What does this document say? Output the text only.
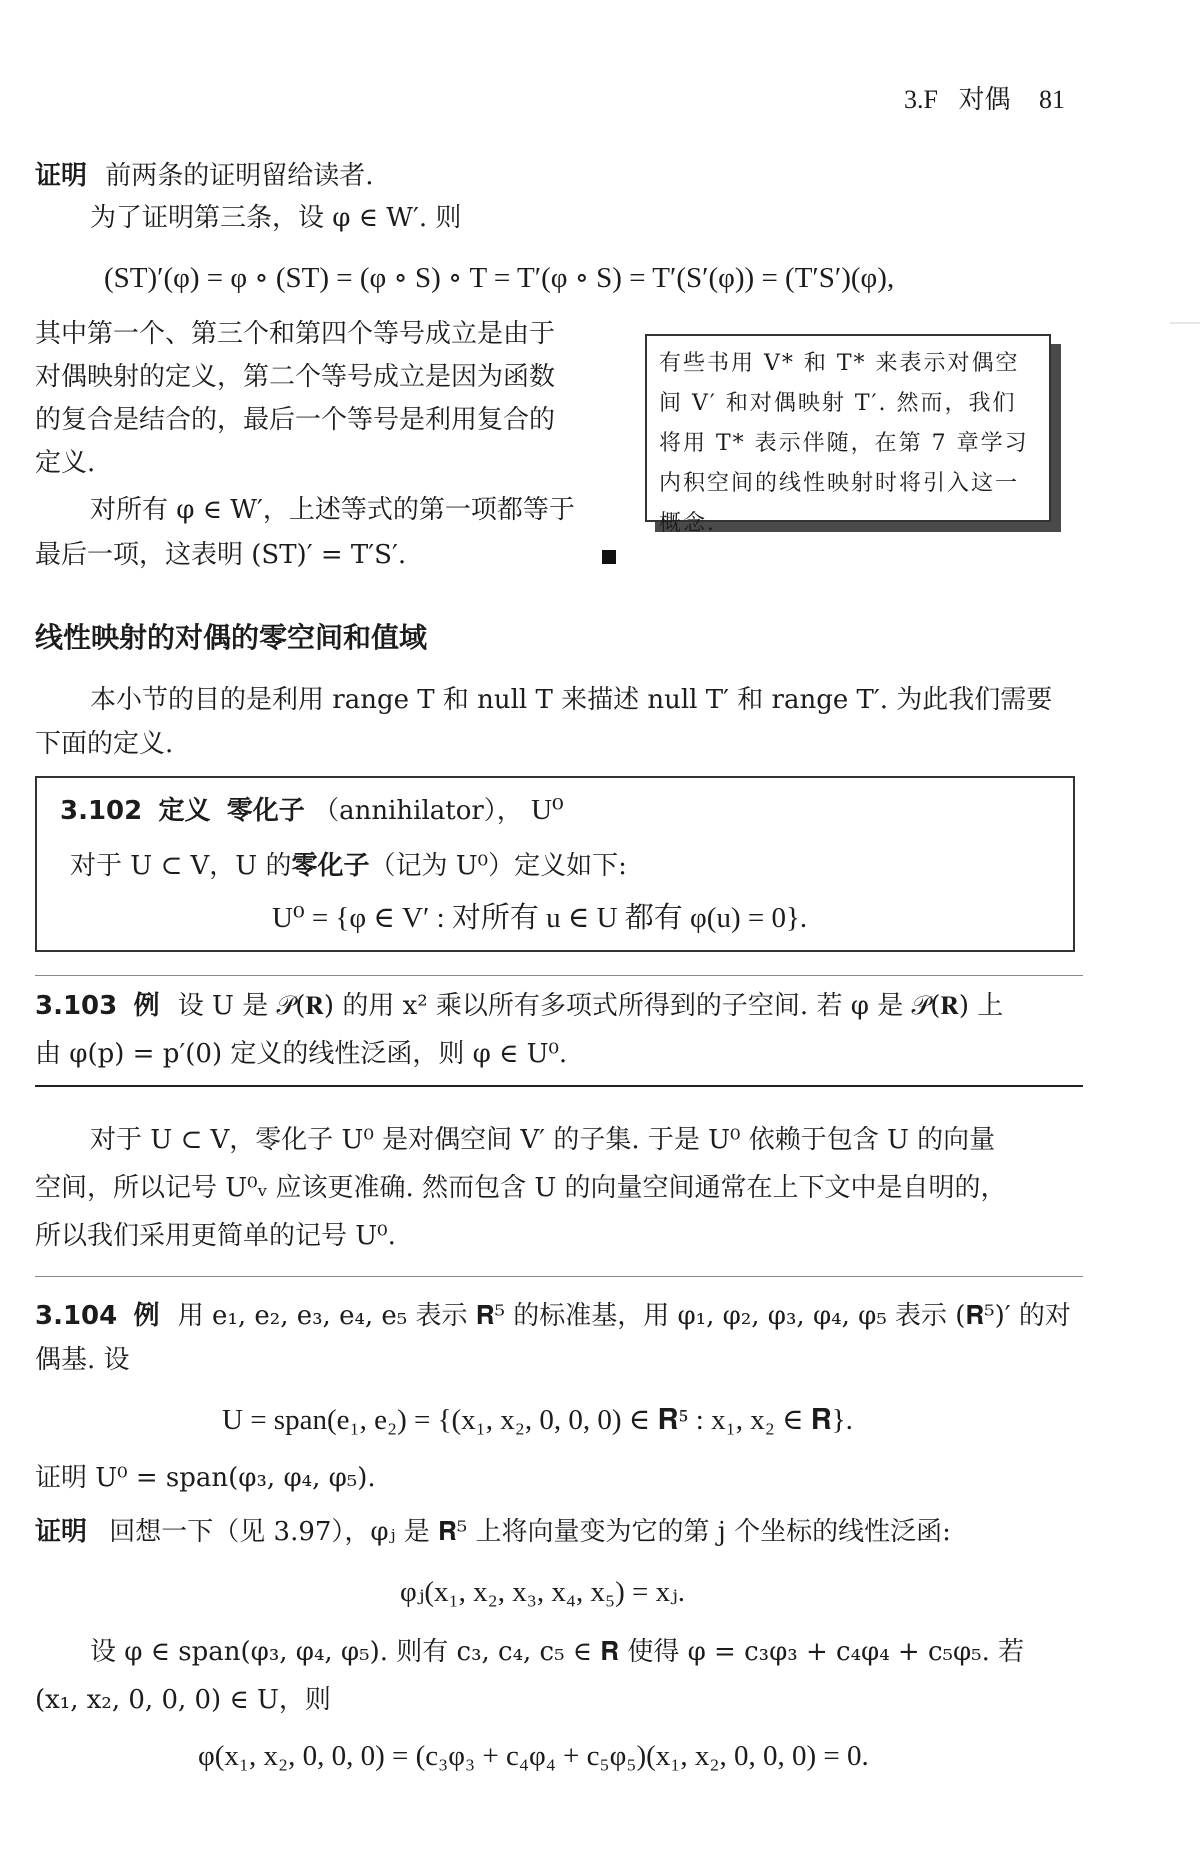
3.F 对偶 81
证明 前两条的证明留给读者.
为了证明第三条，设 φ ∈ W′. 则
(ST)′(φ) = φ ∘ (ST) = (φ ∘ S) ∘ T = T′(φ ∘ S) = T′(S′(φ)) = (T′S′)(φ),
其中第一个、第三个和第四个等号成立是由于
对偶映射的定义，第二个等号成立是因为函数
的复合是结合的，最后一个等号是利用复合的
定义.
对所有 φ ∈ W′，上述等式的第一项都等于
最后一项，这表明 (ST)′ = T′S′.
有些书用 V* 和 T* 来表示对偶空
间 V′ 和对偶映射 T′. 然而，我们
将用 T* 表示伴随，在第 7 章学习
内积空间的线性映射时将引入这一
概念.
线性映射的对偶的零空间和值域
本小节的目的是利用 range T 和 null T 来描述 null T′ 和 range T′. 为此我们需要
下面的定义.
3.102 定义 零化子 （annihilator）， U⁰
对于 U ⊂ V，U 的零化子（记为 U⁰）定义如下:
U⁰ = {φ ∈ V′ : 对所有 u ∈ U 都有 φ(u) = 0}.
3.103 例 设 U 是 𝒫(𝐑) 的用 x² 乘以所有多项式所得到的子空间. 若 φ 是 𝒫(𝐑) 上
由 φ(p) = p′(0) 定义的线性泛函，则 φ ∈ U⁰.
对于 U ⊂ V，零化子 U⁰ 是对偶空间 V′ 的子集. 于是 U⁰ 依赖于包含 U 的向量
空间，所以记号 U⁰ᵥ 应该更准确. 然而包含 U 的向量空间通常在上下文中是自明的，
所以我们采用更简单的记号 U⁰.
3.104 例 用 e₁, e₂, e₃, e₄, e₅ 表示 𝐑⁵ 的标准基，用 φ₁, φ₂, φ₃, φ₄, φ₅ 表示 (𝐑⁵)′ 的对
偶基. 设
U = span(e₁, e₂) = {(x₁, x₂, 0, 0, 0) ∈ 𝐑⁵ : x₁, x₂ ∈ 𝐑}.
证明 U⁰ = span(φ₃, φ₄, φ₅).
证明 回想一下（见 3.97），φⱼ 是 𝐑⁵ 上将向量变为它的第 j 个坐标的线性泛函:
φⱼ(x₁, x₂, x₃, x₄, x₅) = xⱼ.
设 φ ∈ span(φ₃, φ₄, φ₅). 则有 c₃, c₄, c₅ ∈ 𝐑 使得 φ = c₃φ₃ + c₄φ₄ + c₅φ₅. 若
(x₁, x₂, 0, 0, 0) ∈ U，则
φ(x₁, x₂, 0, 0, 0) = (c₃φ₃ + c₄φ₄ + c₅φ₅)(x₁, x₂, 0, 0, 0) = 0.
